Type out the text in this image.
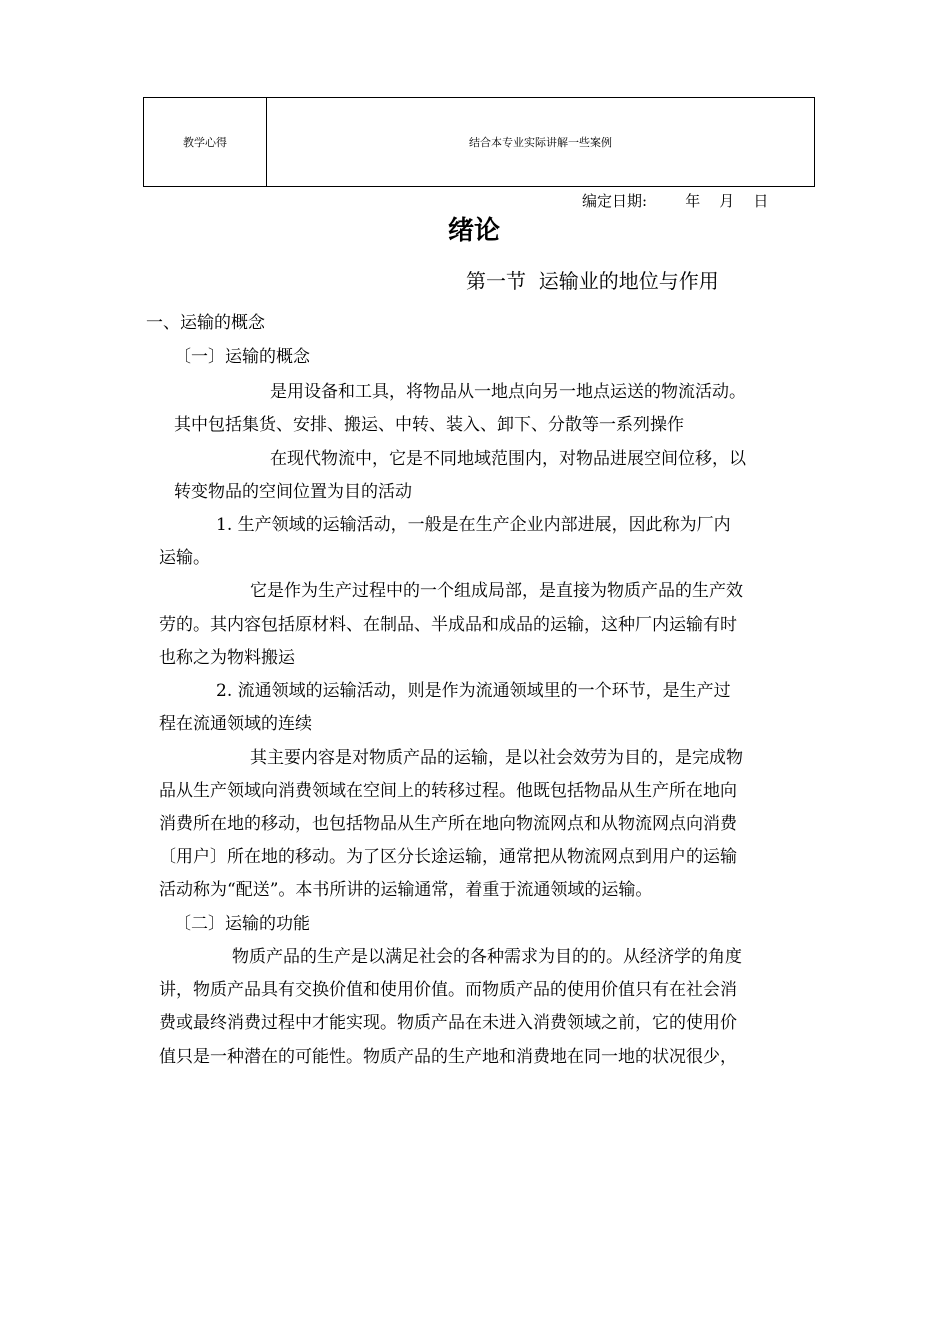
教学心得	结合本专业实际讲解一些案例
编定日期:        年    月    日
绪论
第一节  运输业的地位与作用
一、运输的概念
〔一〕运输的概念
是用设备和工具，将物品从一地点向另一地点运送的物流活动。
其中包括集货、安排、搬运、中转、装入、卸下、分散等一系列操作
在现代物流中，它是不同地域范围内，对物品进展空间位移，以
转变物品的空间位置为目的活动
1. 生产领域的运输活动，一般是在生产企业内部进展，因此称为厂内
运输。
它是作为生产过程中的一个组成局部，是直接为物质产品的生产效
劳的。其内容包括原材料、在制品、半成品和成品的运输，这种厂内运输有时
也称之为物料搬运
2. 流通领域的运输活动，则是作为流通领域里的一个环节，是生产过
程在流通领域的连续
其主要内容是对物质产品的运输，是以社会效劳为目的，是完成物
品从生产领域向消费领域在空间上的转移过程。他既包括物品从生产所在地向
消费所在地的移动，也包括物品从生产所在地向物流网点和从物流网点向消费
〔用户〕所在地的移动。为了区分长途运输，通常把从物流网点到用户的运输
活动称为“配送”。本书所讲的运输通常，着重于流通领域的运输。
〔二〕运输的功能
物质产品的生产是以满足社会的各种需求为目的的。从经济学的角度
讲，物质产品具有交换价值和使用价值。而物质产品的使用价值只有在社会消
费或最终消费过程中才能实现。物质产品在未进入消费领域之前，它的使用价
值只是一种潜在的可能性。物质产品的生产地和消费地在同一地的状况很少，
